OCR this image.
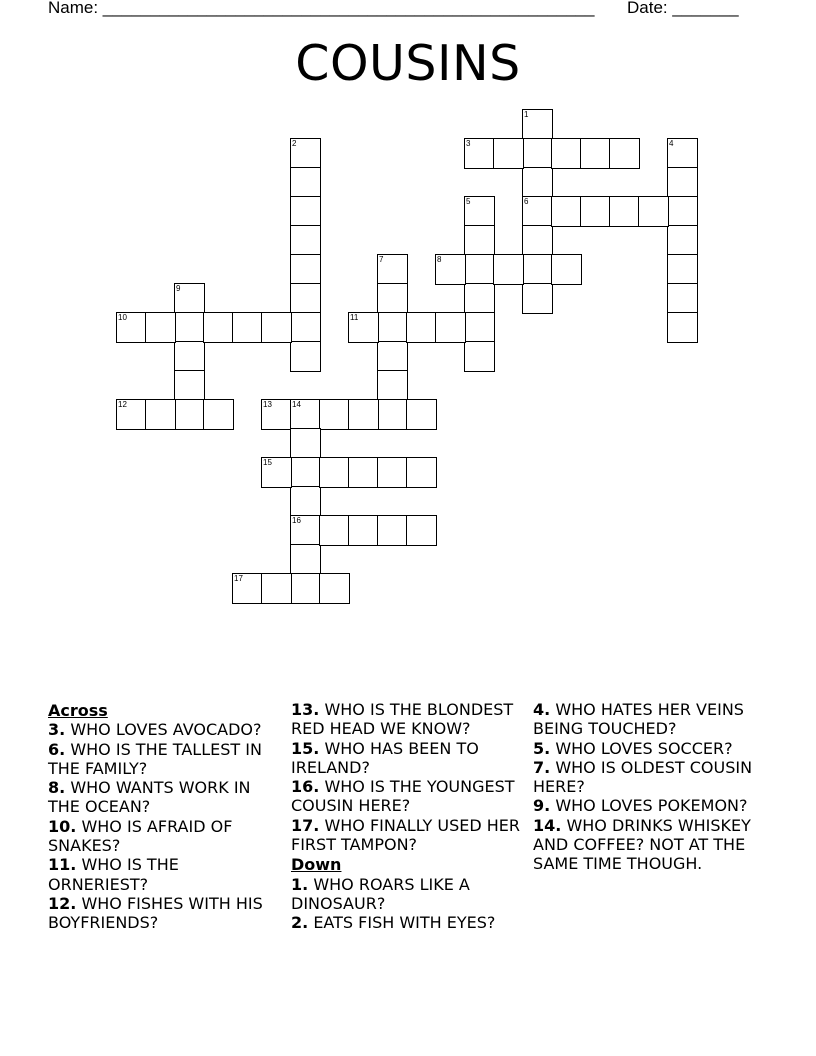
Name: ____________________________________________________	Date: _______
COUSINS
1
6
2	3	4
5
7	8
9
10	11
12	13	14
16
15
17
Across
3. WHO LOVES AVOCADO?
6. WHO IS THE TALLEST IN THE FAMILY?
8. WHO WANTS WORK IN THE OCEAN?
10. WHO IS AFRAID OF SNAKES?
11. WHO IS THE ORNERIEST?
12. WHO FISHES WITH HIS BOYFRIENDS?
13. WHO IS THE BLONDEST RED HEAD WE KNOW?
15. WHO HAS BEEN TO IRELAND?
16. WHO IS THE YOUNGEST COUSIN HERE?
17. WHO FINALLY USED HER FIRST TAMPON?
Down
1. WHO ROARS LIKE A DINOSAUR?
2. EATS FISH WITH EYES?
4. WHO HATES HER VEINS BEING TOUCHED?
5. WHO LOVES SOCCER?
7. WHO IS OLDEST COUSIN HERE?
9. WHO LOVES POKEMON?
14. WHO DRINKS WHISKEY AND COFFEE? NOT AT THE SAME TIME THOUGH.
